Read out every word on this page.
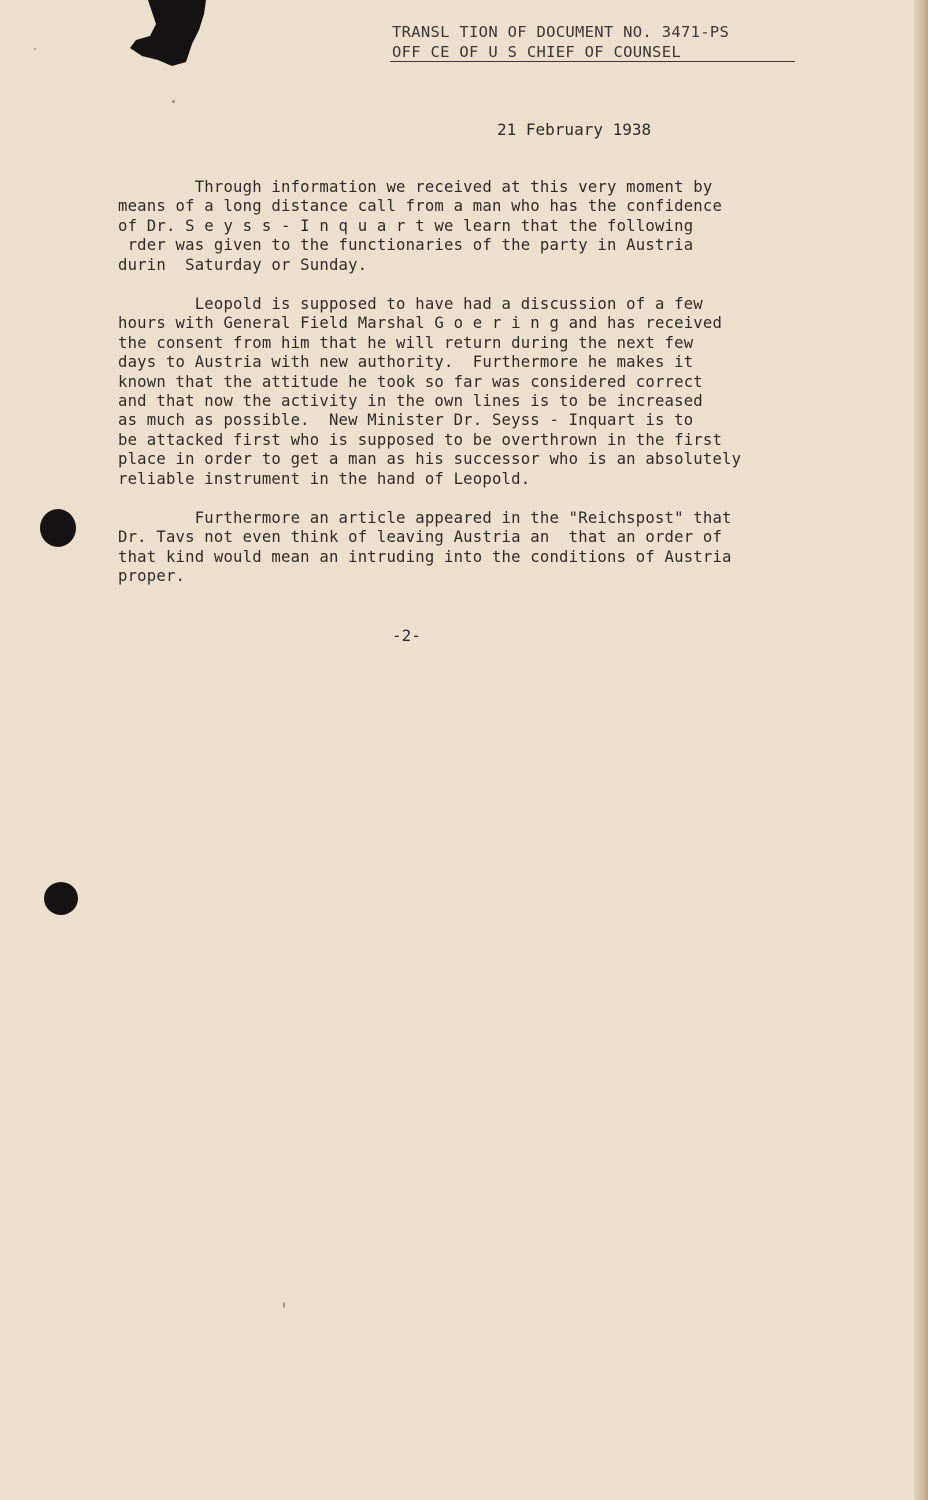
TRANSL TION OF DOCUMENT NO. 3471-PS
OFF CE OF U S CHIEF OF COUNSEL
21 February 1938
Through information we received at this very moment by
means of a long distance call from a man who has the confidence
of Dr. S e y s s - I n q u a r t we learn that the following
rder was given to the functionaries of the party in Austria
durin  Saturday or Sunday.
Leopold is supposed to have had a discussion of a few
hours with General Field Marshal G o e r i n g and has received
the consent from him that he will return during the next few
days to Austria with new authority.  Furthermore he makes it
known that the attitude he took so far was considered correct
and that now the activity in the own lines is to be increased
as much as possible.  New Minister Dr. Seyss - Inquart is to
be attacked first who is supposed to be overthrown in the first
place in order to get a man as his successor who is an absolutely
reliable instrument in the hand of Leopold.
Furthermore an article appeared in the "Reichspost" that
Dr. Tavs not even think of leaving Austria an  that an order of
that kind would mean an intruding into the conditions of Austria
proper.
-2-
